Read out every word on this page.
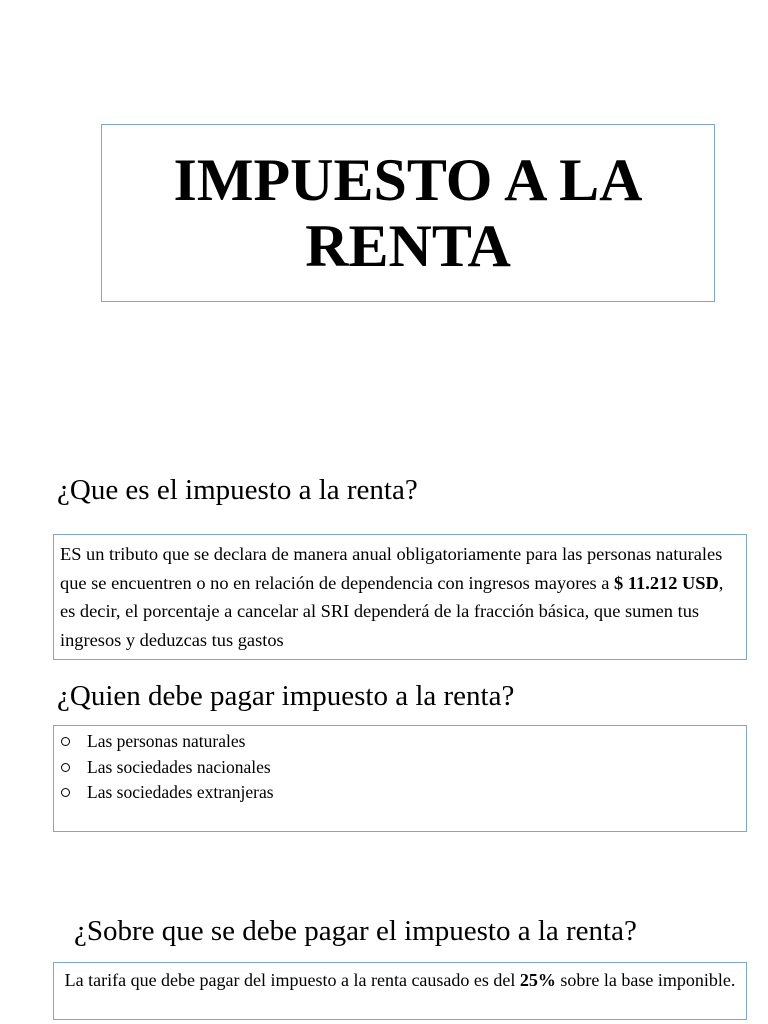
IMPUESTO A LA RENTA
¿Que es el impuesto a la renta?

ES un tributo que se declara de manera anual obligatoriamente para las personas naturales que se encuentren o no en relación de dependencia con ingresos mayores a $ 11.212 USD, es decir, el porcentaje a cancelar al SRI dependerá de la fracción básica, que sumen tus ingresos y deduzcas tus gastos

¿Quien debe pagar impuesto a la renta?
Las personas naturales
Las sociedades nacionales
Las sociedades extranjeras
¿Sobre que se debe pagar el impuesto a la renta?

La tarifa que debe pagar del impuesto a la renta causado es del 25% sobre la base imponible.
